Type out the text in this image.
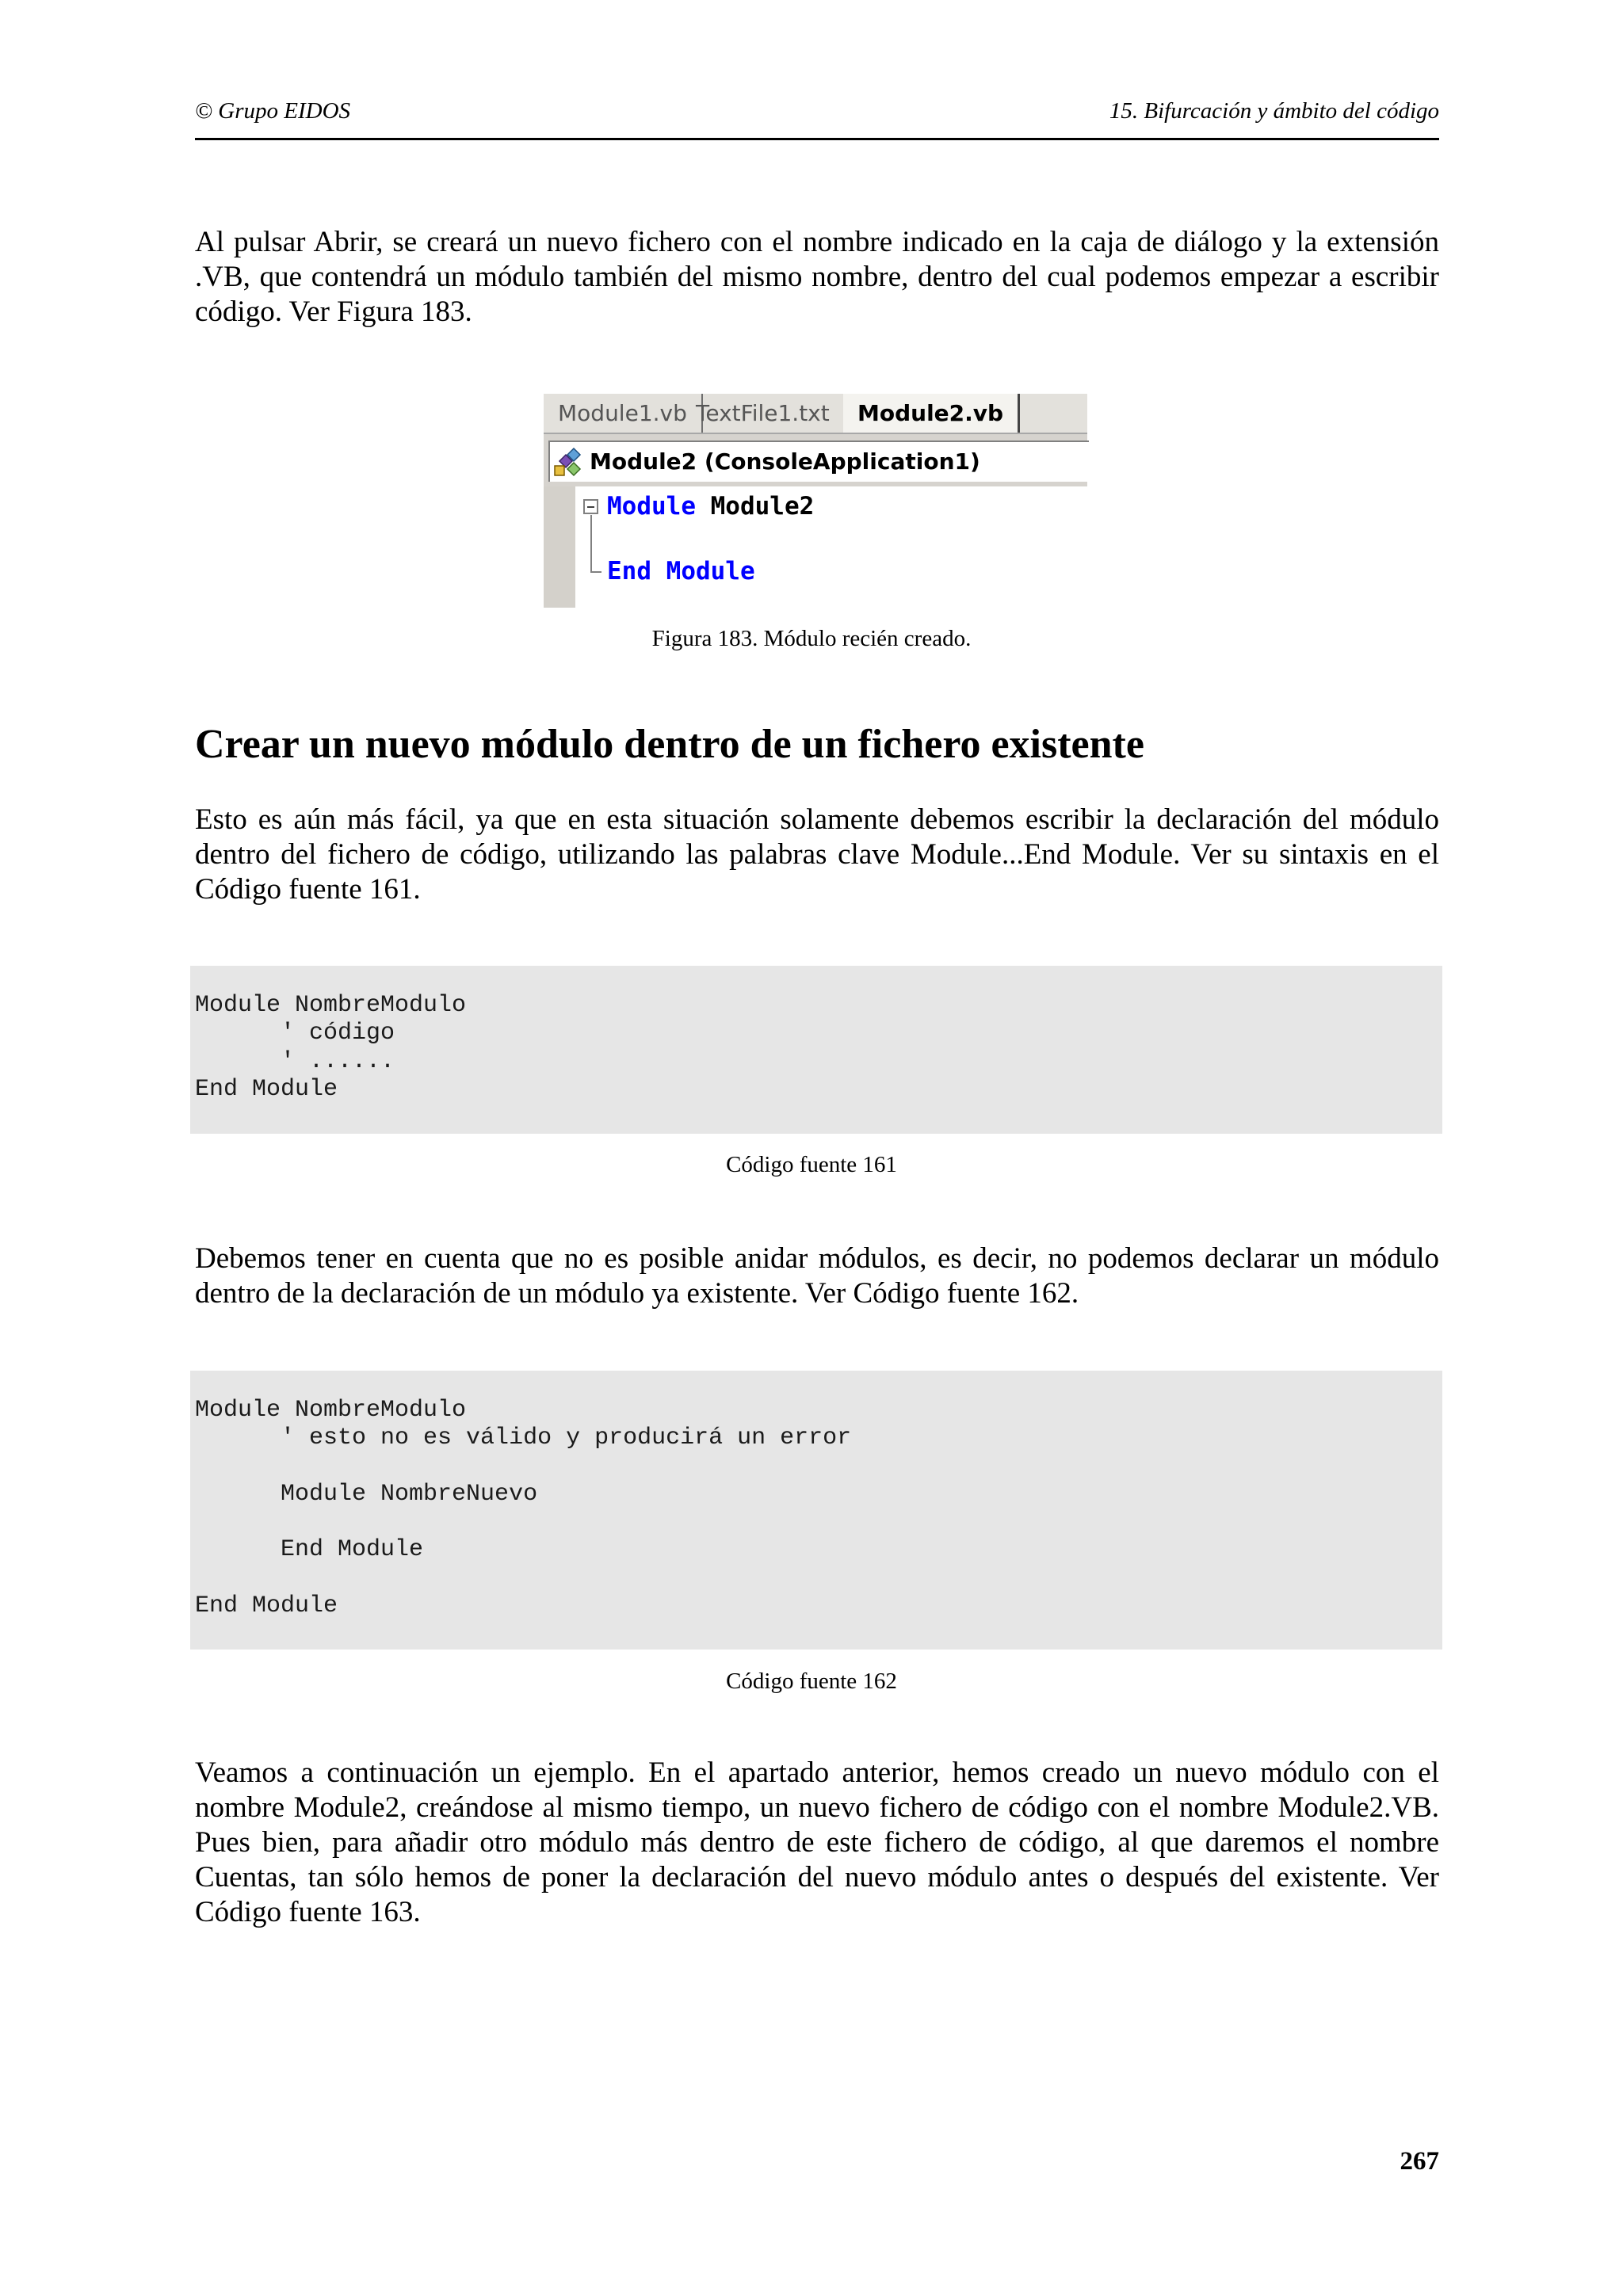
© Grupo EIDOS	15. Bifurcación y ámbito del código
Al pulsar Abrir, se creará un nuevo fichero con el nombre indicado en la caja de diálogo y la extensión .VB, que contendrá un módulo también del mismo nombre, dentro del cual podemos empezar a escribir código. Ver Figura 183.
Module1.vb TextFile1.txt	Module2.vb
Module2 (ConsoleApplication1)
Module Module2
End Module
Figura 183. Módulo recién creado.
Crear un nuevo módulo dentro de un fichero existente
Esto es aún más fácil, ya que en esta situación solamente debemos escribir la declaración del módulo dentro del fichero de código, utilizando las palabras clave Module...End Module. Ver su sintaxis en el Código fuente 161.
Module NombreModulo
' código
' ......
End Module
Código fuente 161
Debemos tener en cuenta que no es posible anidar módulos, es decir, no podemos declarar un módulo dentro de la declaración de un módulo ya existente. Ver Código fuente 162.
Module NombreModulo
' esto no es válido y producirá un error

Module NombreNuevo

End Module

End Module
Código fuente 162
Veamos a continuación un ejemplo. En el apartado anterior, hemos creado un nuevo módulo con el nombre Module2, creándose al mismo tiempo, un nuevo fichero de código con el nombre Module2.VB. Pues bien, para añadir otro módulo más dentro de este fichero de código, al que daremos el nombre Cuentas, tan sólo hemos de poner la declaración del nuevo módulo antes o después del existente. Ver Código fuente 163.
267
